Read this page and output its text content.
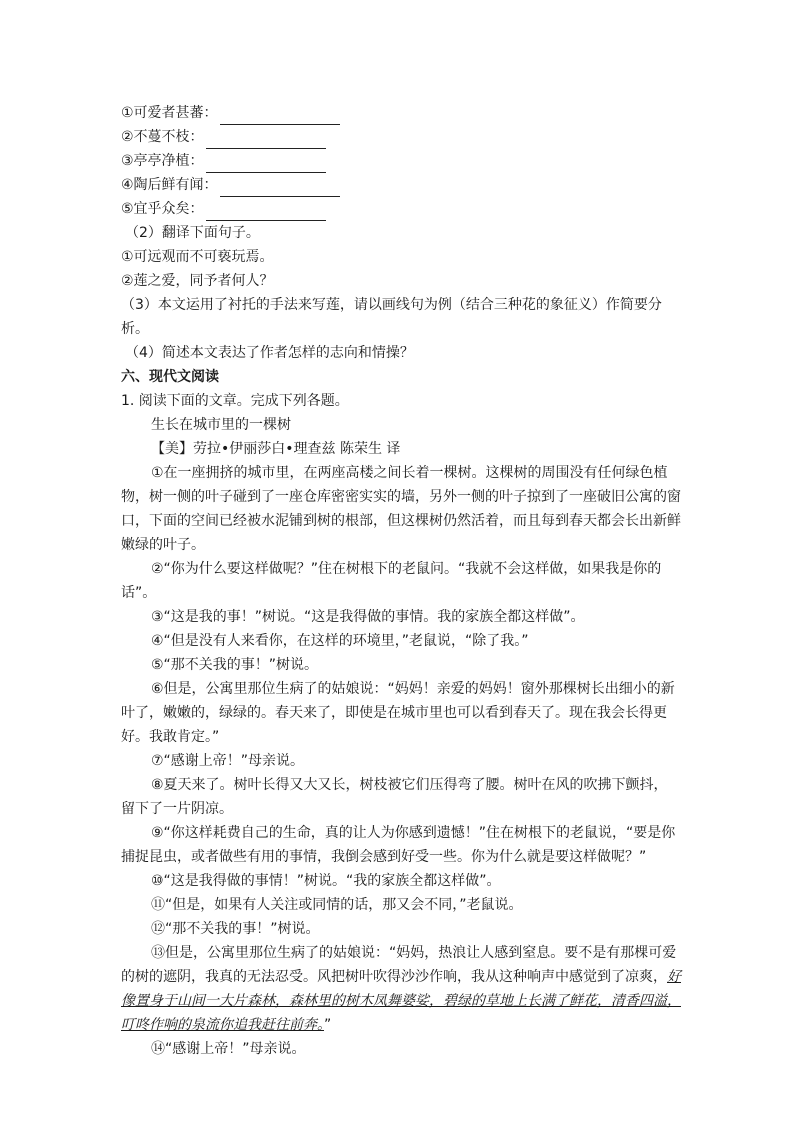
①可爱者甚蕃：
②不蔓不枝：
③亭亭净植：
④陶后鲜有闻：
⑤宜乎众矣：
（2）翻译下面句子。
①可远观而不可亵玩焉。
②莲之爱，同予者何人？
（3）本文运用了衬托的手法来写莲，请以画线句为例（结合三种花的象征义）作简要分析。
（4）简述本文表达了作者怎样的志向和情操？
六、现代文阅读
1. 阅读下面的文章。完成下列各题。
生长在城市里的一棵树
【美】劳拉•伊丽莎白•理查兹 陈荣生 译
①在一座拥挤的城市里，在两座高楼之间长着一棵树。这棵树的周围没有任何绿色植物，树一侧的叶子碰到了一座仓库密密实实的墙，另外一侧的叶子掠到了一座破旧公寓的窗口，下面的空间已经被水泥铺到树的根部，但这棵树仍然活着，而且每到春天都会长出新鲜嫩绿的叶子。
②“你为什么要这样做呢？”住在树根下的老鼠问。“我就不会这样做，如果我是你的话”。
③“这是我的事！”树说。“这是我得做的事情。我的家族全都这样做”。
④“但是没有人来看你，在这样的环境里，”老鼠说，“除了我。”
⑤“那不关我的事！”树说。
⑥但是，公寓里那位生病了的姑娘说：“妈妈！亲爱的妈妈！窗外那棵树长出细小的新叶了，嫩嫩的，绿绿的。春天来了，即使是在城市里也可以看到春天了。现在我会长得更好。我敢肯定。”
⑦“感谢上帝！”母亲说。
⑧夏天来了。树叶长得又大又长，树枝被它们压得弯了腰。树叶在风的吹拂下颤抖，留下了一片阴凉。
⑨“你这样耗费自己的生命，真的让人为你感到遗憾！”住在树根下的老鼠说，“要是你捕捉昆虫，或者做些有用的事情，我倒会感到好受一些。你为什么就是要这样做呢？”
⑩“这是我得做的事情！”树说。“我的家族全都这样做”。
⑪“但是，如果有人关注或同情的话，那又会不同，”老鼠说。
⑫“那不关我的事！”树说。
⑬但是，公寓里那位生病了的姑娘说：“妈妈，热浪让人感到窒息。要不是有那棵可爱的树的遮阴，我真的无法忍受。风把树叶吹得沙沙作响，我从这种响声中感觉到了凉爽，好像置身于山间一大片森林，森林里的树木凤舞婆娑，碧绿的草地上长满了鲜花，清香四溢，叮咚作响的泉流你追我赶往前奔。”
⑭“感谢上帝！”母亲说。
